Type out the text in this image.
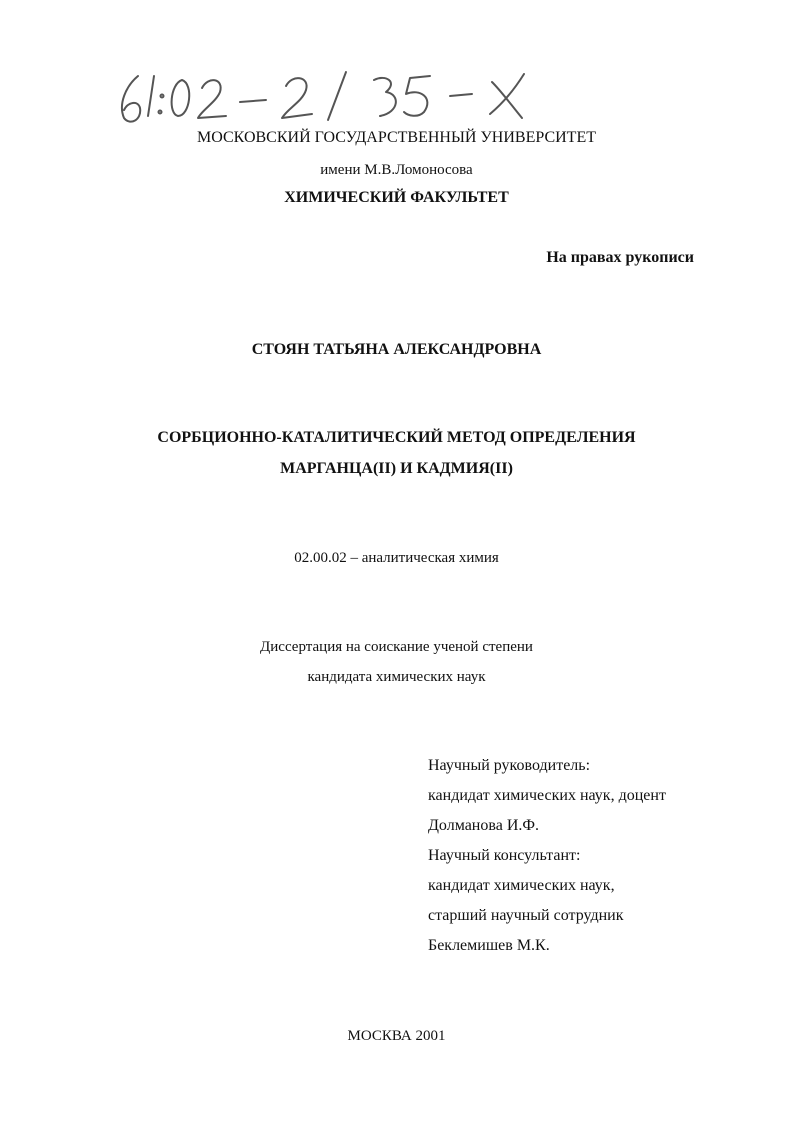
МОСКОВСКИЙ ГОСУДАРСТВЕННЫЙ УНИВЕРСИТЕТ
имени М.В.Ломоносова
ХИМИЧЕСКИЙ ФАКУЛЬТЕТ
На правах рукописи
СТОЯН ТАТЬЯНА АЛЕКСАНДРОВНА
СОРБЦИОННО-КАТАЛИТИЧЕСКИЙ МЕТОД ОПРЕДЕЛЕНИЯ
МАРГАНЦА(II) И КАДМИЯ(II)
02.00.02 – аналитическая химия
Диссертация на соискание ученой степени
кандидата химических наук
Научный руководитель:
кандидат химических наук, доцент
Долманова И.Ф.
Научный консультант:
кандидат химических наук,
старший научный сотрудник
Беклемишев М.К.
МОСКВА 2001
